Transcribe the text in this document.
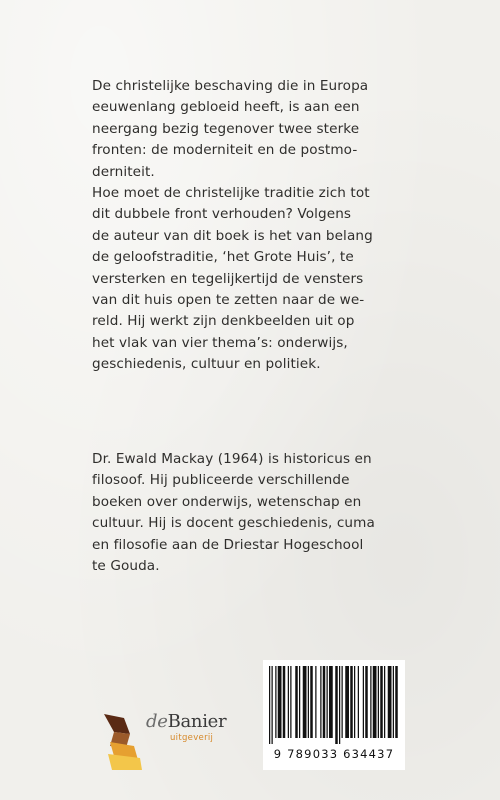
De christelijke beschaving die in Europa

eeuwenlang gebloeid heeft, is aan een

neergang bezig tegenover twee sterke

fronten: de moderniteit en de postmo-

derniteit.

Hoe moet de christelijke traditie zich tot

dit dubbele front verhouden? Volgens

de auteur van dit boek is het van belang

de geloofstraditie, ‘het Grote Huis’, te

versterken en tegelijkertijd de vensters

van dit huis open te zetten naar de we-

reld. Hij werkt zijn denkbeelden uit op

het vlak van vier thema’s: onderwijs,

geschiedenis, cultuur en politiek.

Dr. Ewald Mackay (1964) is historicus en

filosoof. Hij publiceerde verschillende

boeken over onderwijs, wetenschap en

cultuur. Hij is docent geschiedenis, cuma

en filosofie aan de Driestar Hogeschool

te Gouda.

deBanier
uitgeverij
9 789033 634437
